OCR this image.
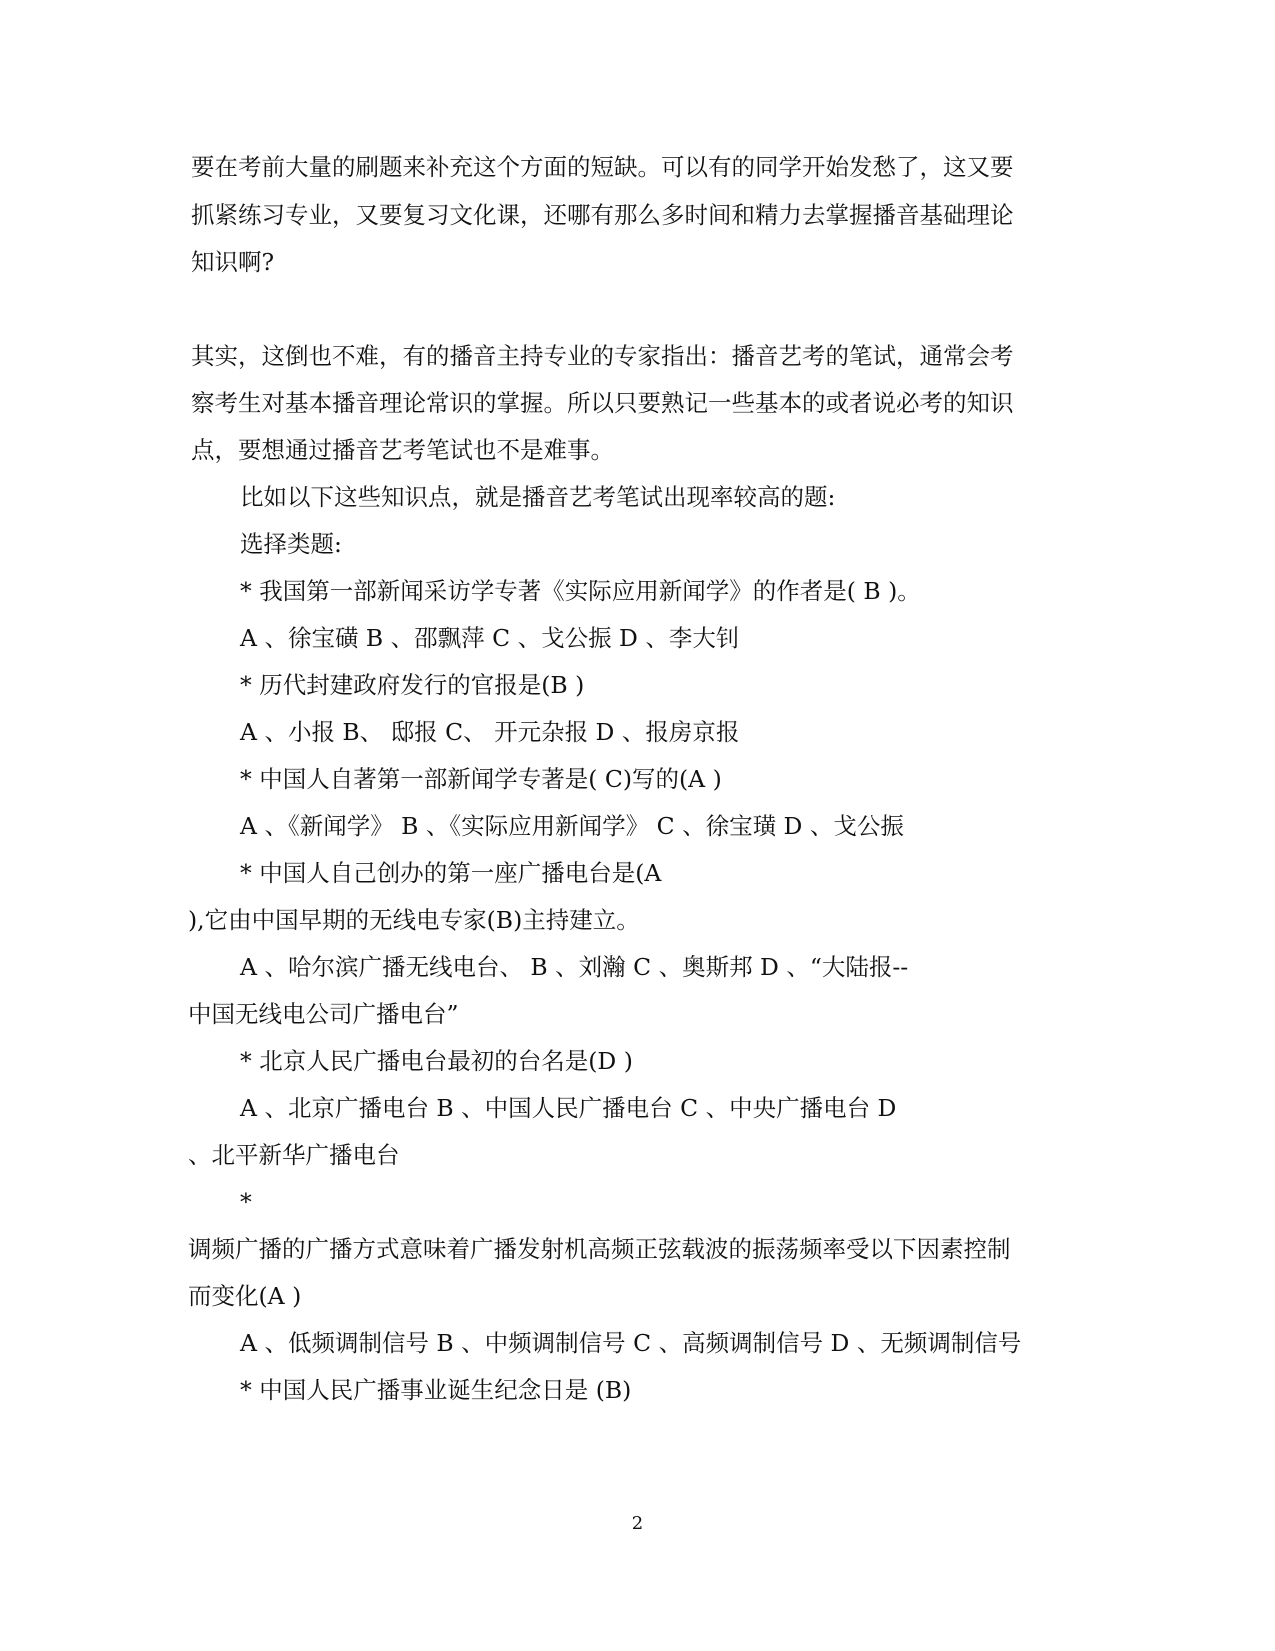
要在考前大量的刷题来补充这个方面的短缺。可以有的同学开始发愁了，这又要
抓紧练习专业，又要复习文化课，还哪有那么多时间和精力去掌握播音基础理论
知识啊?
其实，这倒也不难，有的播音主持专业的专家指出：播音艺考的笔试，通常会考
察考生对基本播音理论常识的掌握。所以只要熟记一些基本的或者说必考的知识
点，要想通过播音艺考笔试也不是难事。
比如以下这些知识点，就是播音艺考笔试出现率较高的题:
选择类题:
* 我国第一部新闻采访学专著《实际应用新闻学》的作者是( B )。
A 、徐宝磺 B 、邵飘萍 C 、戈公振 D 、李大钊
* 历代封建政府发行的官报是(B )
A 、小报 B、 邸报 C、 开元杂报 D 、报房京报
* 中国人自著第一部新闻学专著是( C)写的(A )
A 、《新闻学》 B 、《实际应用新闻学》 C 、徐宝璜 D 、戈公振
* 中国人自己创办的第一座广播电台是(A
),它由中国早期的无线电专家(B)主持建立。
A 、哈尔滨广播无线电台、 B 、刘瀚 C 、奥斯邦 D 、“大陆报--
中国无线电公司广播电台”
* 北京人民广播电台最初的台名是(D )
A 、北京广播电台 B 、中国人民广播电台 C 、中央广播电台 D
、北平新华广播电台
*
调频广播的广播方式意味着广播发射机高频正弦载波的振荡频率受以下因素控制
而变化(A )
A 、低频调制信号 B 、中频调制信号 C 、高频调制信号 D 、无频调制信号
* 中国人民广播事业诞生纪念日是 (B)
2
